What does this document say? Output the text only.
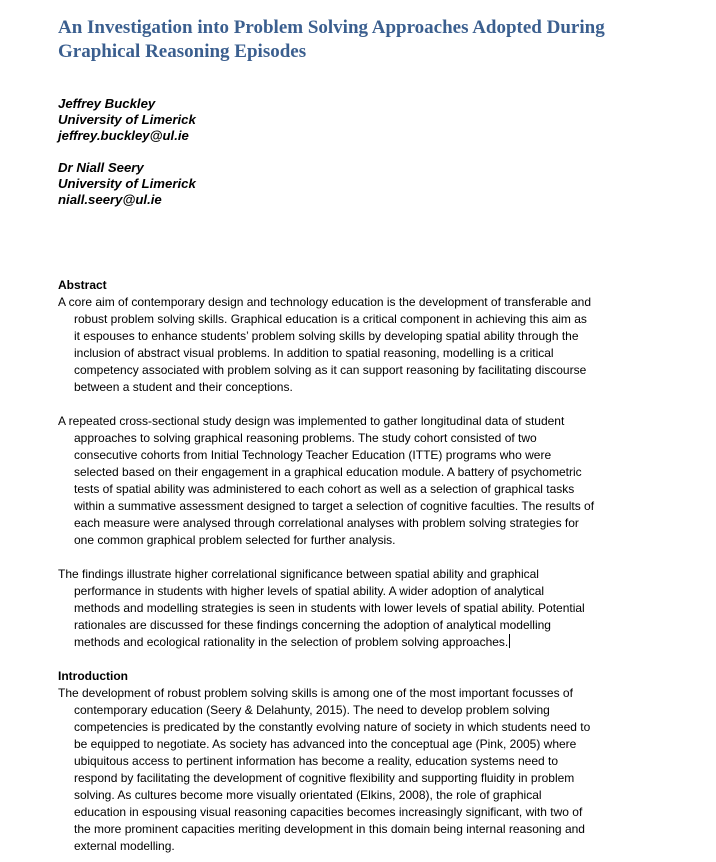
An Investigation into Problem Solving Approaches Adopted During
Graphical Reasoning Episodes
Jeffrey Buckley
University of Limerick
jeffrey.buckley@ul.ie
Dr Niall Seery
University of Limerick
niall.seery@ul.ie
Abstract
A core aim of contemporary design and technology education is the development of transferable and
robust problem solving skills. Graphical education is a critical component in achieving this aim as
it espouses to enhance students’ problem solving skills by developing spatial ability through the
inclusion of abstract visual problems. In addition to spatial reasoning, modelling is a critical
competency associated with problem solving as it can support reasoning by facilitating discourse
between a student and their conceptions.
A repeated cross-sectional study design was implemented to gather longitudinal data of student
approaches to solving graphical reasoning problems. The study cohort consisted of two
consecutive cohorts from Initial Technology Teacher Education (ITTE) programs who were
selected based on their engagement in a graphical education module. A battery of psychometric
tests of spatial ability was administered to each cohort as well as a selection of graphical tasks
within a summative assessment designed to target a selection of cognitive faculties. The results of
each measure were analysed through correlational analyses with problem solving strategies for
one common graphical problem selected for further analysis.
The findings illustrate higher correlational significance between spatial ability and graphical
performance in students with higher levels of spatial ability. A wider adoption of analytical
methods and modelling strategies is seen in students with lower levels of spatial ability. Potential
rationales are discussed for these findings concerning the adoption of analytical modelling
methods and ecological rationality in the selection of problem solving approaches.
Introduction
The development of robust problem solving skills is among one of the most important focusses of
contemporary education (Seery & Delahunty, 2015). The need to develop problem solving
competencies is predicated by the constantly evolving nature of society in which students need to
be equipped to negotiate. As society has advanced into the conceptual age (Pink, 2005) where
ubiquitous access to pertinent information has become a reality, education systems need to
respond by facilitating the development of cognitive flexibility and supporting fluidity in problem
solving. As cultures become more visually orientated (Elkins, 2008), the role of graphical
education in espousing visual reasoning capacities becomes increasingly significant, with two of
the more prominent capacities meriting development in this domain being internal reasoning and
external modelling.
